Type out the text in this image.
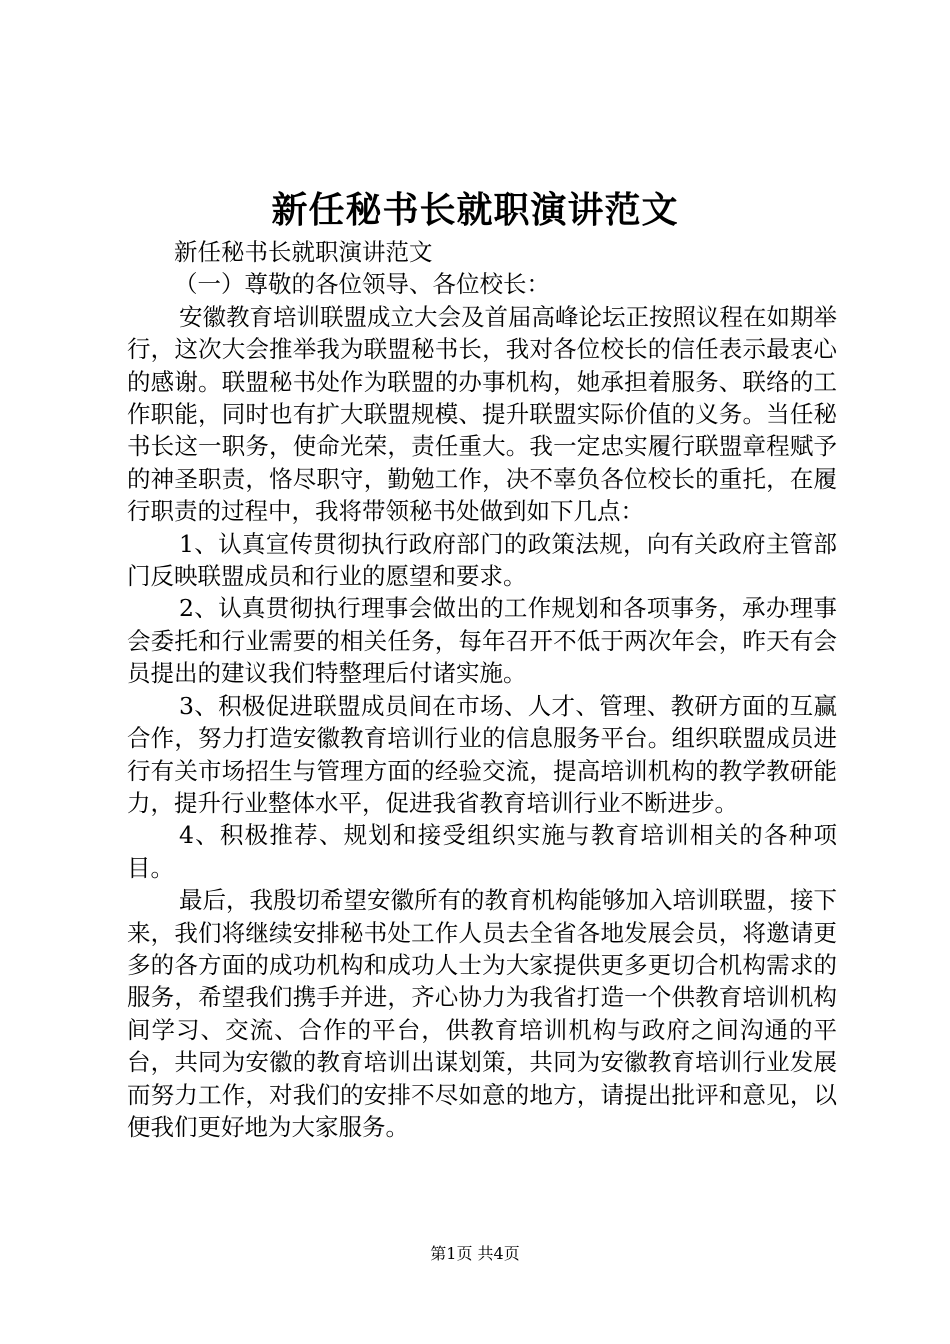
新任秘书长就职演讲范文

新任秘书长就职演讲范文

（一）尊敬的各位领导、各位校长：

安徽教育培训联盟成立大会及首届高峰论坛正按照议程在如期举行，这次大会推举我为联盟秘书长，我对各位校长的信任表示最衷心的感谢。联盟秘书处作为联盟的办事机构，她承担着服务、联络的工作职能，同时也有扩大联盟规模、提升联盟实际价值的义务。当任秘书长这一职务，使命光荣，责任重大。我一定忠实履行联盟章程赋予的神圣职责，恪尽职守，勤勉工作，决不辜负各位校长的重托，在履行职责的过程中，我将带领秘书处做到如下几点：

1、认真宣传贯彻执行政府部门的政策法规，向有关政府主管部门反映联盟成员和行业的愿望和要求。

2、认真贯彻执行理事会做出的工作规划和各项事务，承办理事会委托和行业需要的相关任务，每年召开不低于两次年会，昨天有会员提出的建议我们特整理后付诸实施。

3、积极促进联盟成员间在市场、人才、管理、教研方面的互赢合作，努力打造安徽教育培训行业的信息服务平台。组织联盟成员进行有关市场招生与管理方面的经验交流，提高培训机构的教学教研能力，提升行业整体水平，促进我省教育培训行业不断进步。

4、积极推荐、规划和接受组织实施与教育培训相关的各种项目。

最后，我殷切希望安徽所有的教育机构能够加入培训联盟，接下来，我们将继续安排秘书处工作人员去全省各地发展会员，将邀请更多的各方面的成功机构和成功人士为大家提供更多更切合机构需求的服务，希望我们携手并进，齐心协力为我省打造一个供教育培训机构间学习、交流、合作的平台，供教育培训机构与政府之间沟通的平台，共同为安徽的教育培训出谋划策，共同为安徽教育培训行业发展而努力工作，对我们的安排不尽如意的地方，请提出批评和意见，以便我们更好地为大家服务。

第1页 共4页
